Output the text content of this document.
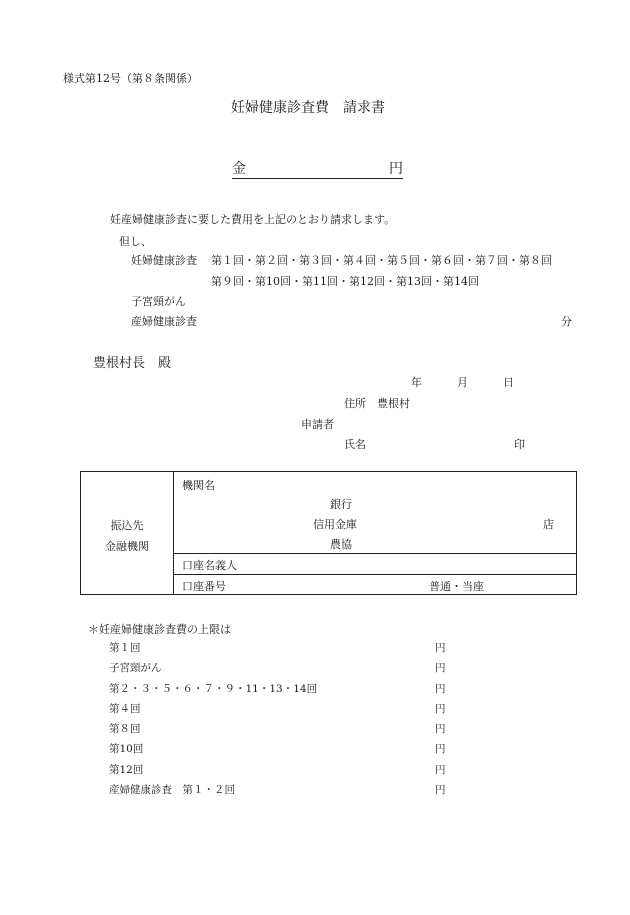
様式第12号（第８条関係）
妊婦健康診査費　請求書
金	円
妊産婦健康診査に要した費用を上記のとおり請求します。
但し、
妊婦健康診査 第１回・第２回・第３回・第４回・第５回・第６回・第７回・第８回
第９回・第10回・第11回・第12回・第13回・第14回
子宮頸がん
産婦健康診査	分
豊根村長　殿
年	月	日
住所　豊根村
申請者
氏名	印
振込先
金融機関
機関名
銀行
信用金庫	店
農協
口座名義人
口座番号	普通・当座
＊妊産婦健康診査費の上限は
第１回	円
子宮頸がん	円
第２・３・５・６・７・９・11・13・14回	円
第４回	円
第８回	円
第10回	円
第12回	円
産婦健康診査　第１・２回	円
